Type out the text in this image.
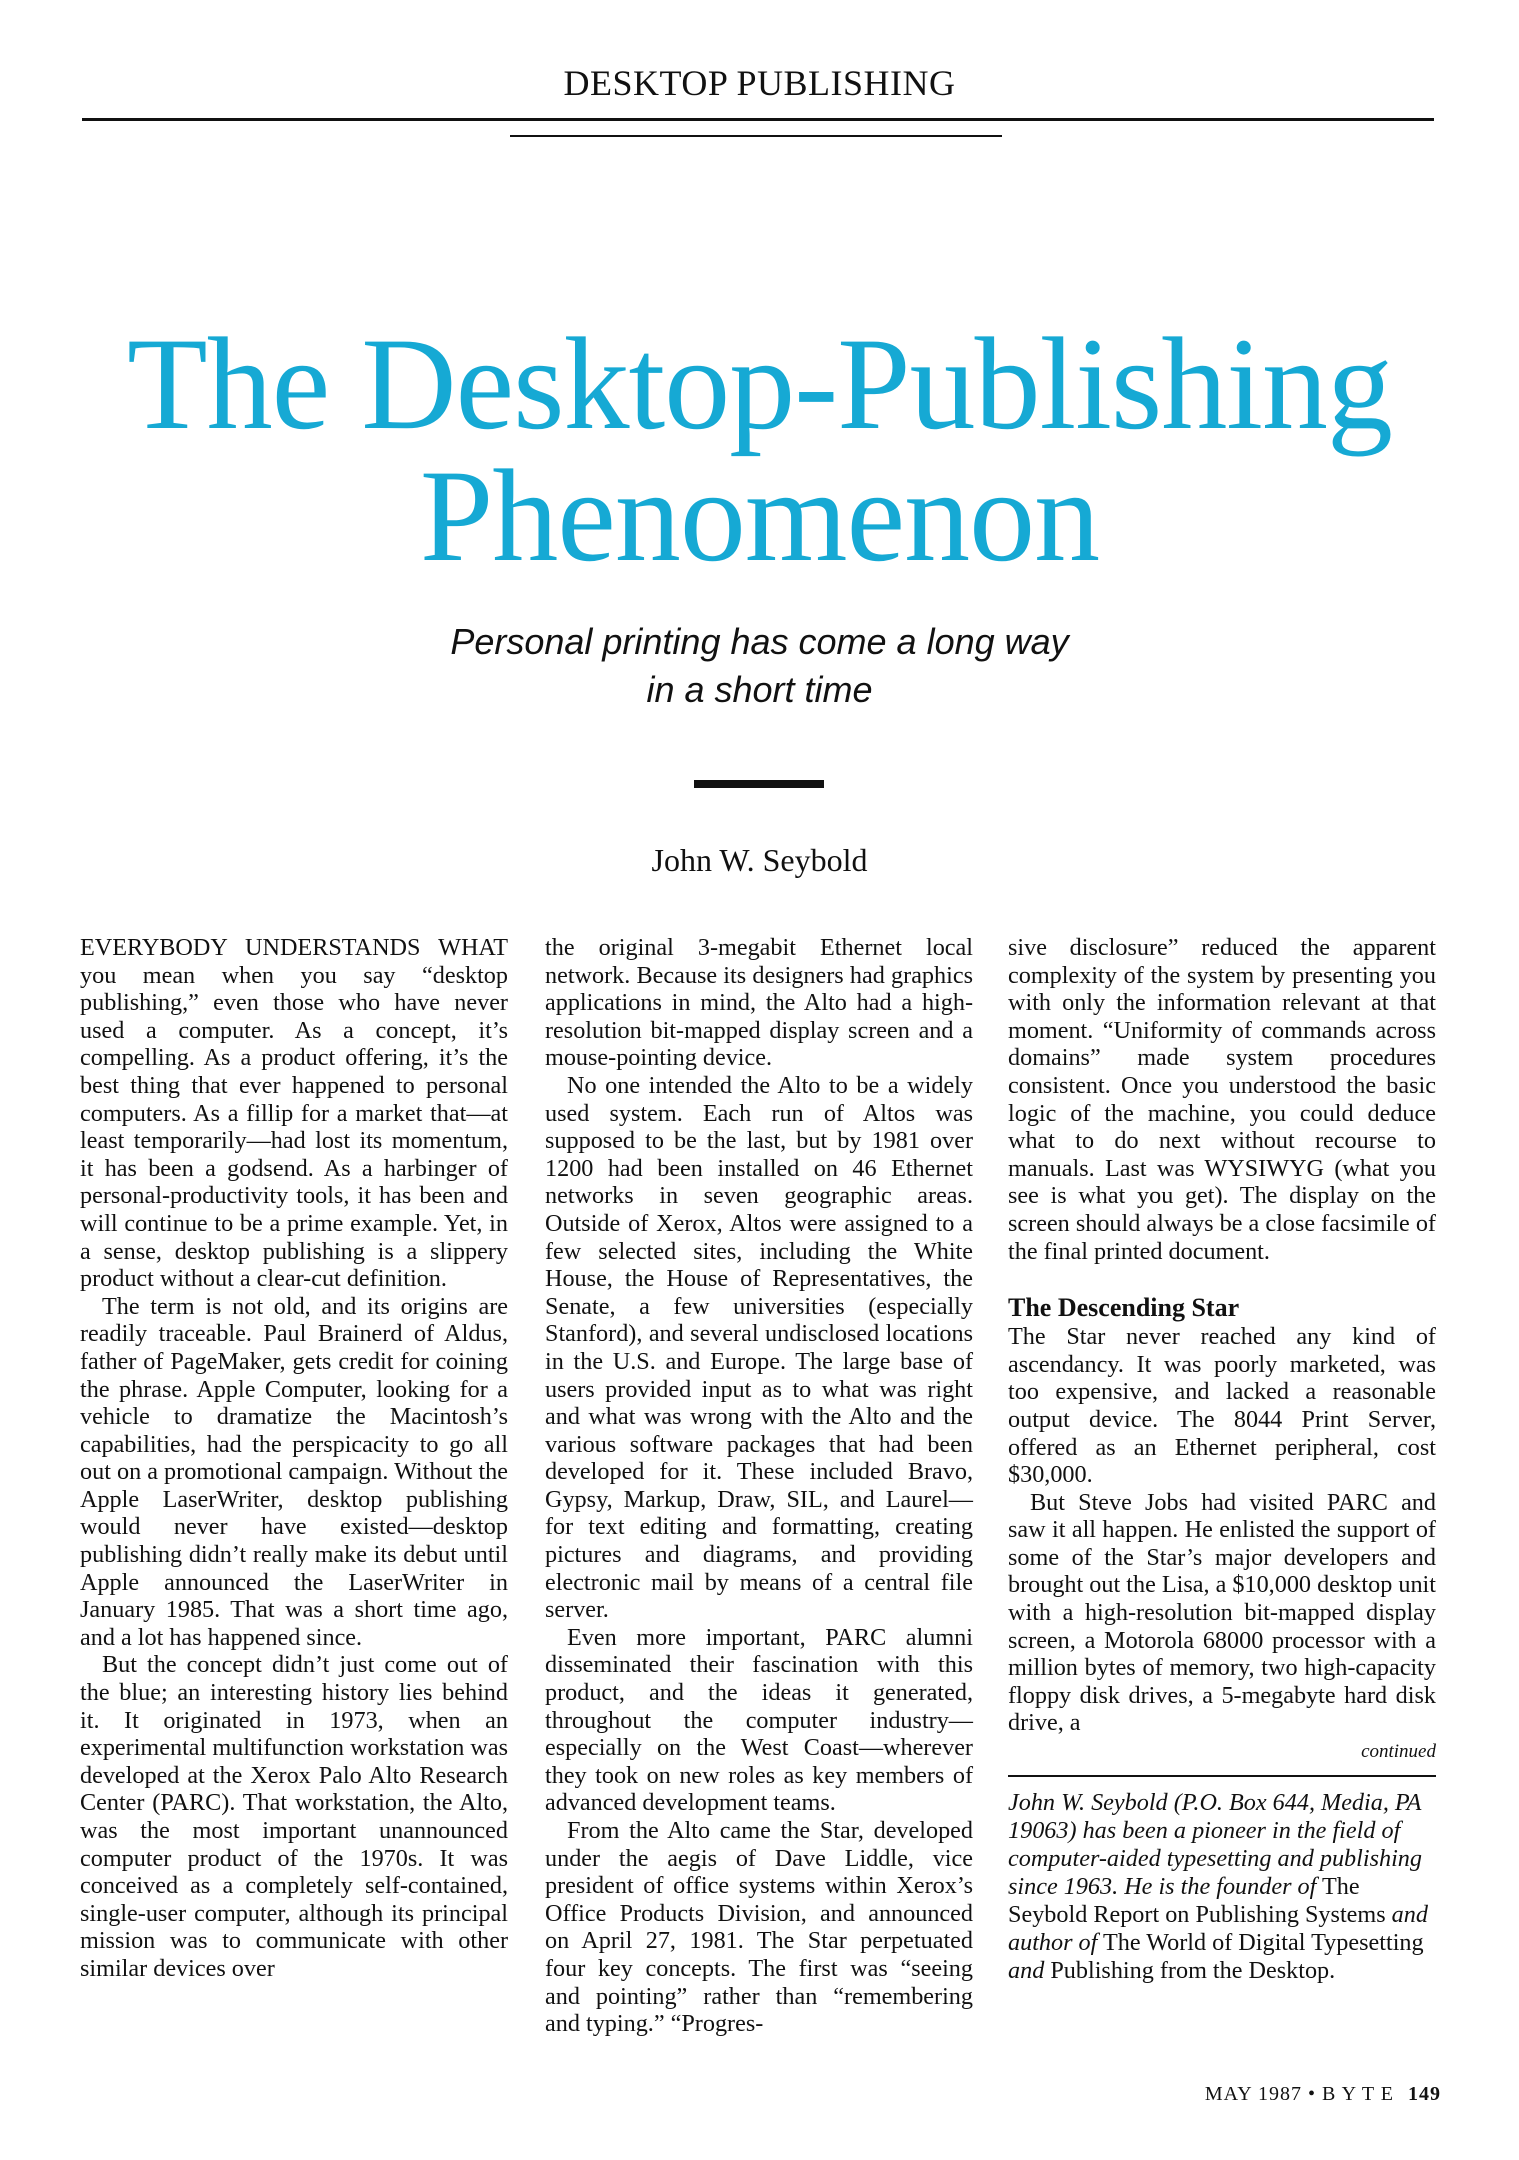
DESKTOP PUBLISHING
The Desktop-Publishing
Phenomenon
Personal printing has come a long way
in a short time
John W. Seybold

EVERYBODY UNDERSTANDS WHAT you mean when you say “desktop publishing,” even those who have never used a computer. As a concept, it’s compelling. As a product offering, it’s the best thing that ever happened to personal computers. As a fillip for a market that—at least temporarily—had lost its momentum, it has been a godsend. As a harbinger of personal-productivity tools, it has been and will continue to be a prime example. Yet, in a sense, desktop publishing is a slippery product without a clear-cut definition.

The term is not old, and its origins are readily traceable. Paul Brainerd of Aldus, father of PageMaker, gets credit for coining the phrase. Apple Computer, looking for a vehicle to dramatize the Macintosh’s capabilities, had the perspicacity to go all out on a promotional campaign. Without the Apple LaserWriter, desktop publishing would never have existed—desktop publishing didn’t really make its debut until Apple announced the LaserWriter in January 1985. That was a short time ago, and a lot has happened since.

But the concept didn’t just come out of the blue; an interesting history lies behind it. It originated in 1973, when an experimental multifunction workstation was developed at the Xerox Palo Alto Research Center (PARC). That workstation, the Alto, was the most important unannounced computer product of the 1970s. It was conceived as a completely self-contained, single-user computer, although its principal mission was to communicate with other similar devices over

the original 3-megabit Ethernet local network. Because its designers had graphics applications in mind, the Alto had a high-resolution bit-mapped display screen and a mouse-pointing device.

No one intended the Alto to be a widely used system. Each run of Altos was supposed to be the last, but by 1981 over 1200 had been installed on 46 Ethernet networks in seven geographic areas. Outside of Xerox, Altos were assigned to a few selected sites, including the White House, the House of Representatives, the Senate, a few universities (especially Stanford), and several undisclosed locations in the U.S. and Europe. The large base of users provided input as to what was right and what was wrong with the Alto and the various software packages that had been developed for it. These included Bravo, Gypsy, Markup, Draw, SIL, and Laurel—for text editing and formatting, creating pictures and diagrams, and providing electronic mail by means of a central file server.

Even more important, PARC alumni disseminated their fascination with this product, and the ideas it generated, throughout the computer industry—especially on the West Coast—wherever they took on new roles as key members of advanced development teams.

From the Alto came the Star, developed under the aegis of Dave Liddle, vice president of office systems within Xerox’s Office Products Division, and announced on April 27, 1981. The Star perpetuated four key concepts. The first was “seeing and pointing” rather than “remembering and typing.” “Progres-

sive disclosure” reduced the apparent complexity of the system by presenting you with only the information relevant at that moment. “Uniformity of commands across domains” made system procedures consistent. Once you understood the basic logic of the machine, you could deduce what to do next without recourse to manuals. Last was WYSIWYG (what you see is what you get). The display on the screen should always be a close facsimile of the final printed document.

The Descending Star

The Star never reached any kind of ascendancy. It was poorly marketed, was too expensive, and lacked a reasonable output device. The 8044 Print Server, offered as an Ethernet peripheral, cost $30,000.

But Steve Jobs had visited PARC and saw it all happen. He enlisted the support of some of the Star’s major developers and brought out the Lisa, a $10,000 desktop unit with a high-resolution bit-mapped display screen, a Motorola 68000 processor with a million bytes of memory, two high-capacity floppy disk drives, a 5-megabyte hard disk drive, a

continued
John W. Seybold (P.O. Box 644, Media, PA 19063) has been a pioneer in the field of computer-aided typesetting and publishing since 1963. He is the founder of The Seybold Report on Publishing Systems and author of The World of Digital Typesetting and Publishing from the Desktop.
MAY 1987 • B Y T E 149
